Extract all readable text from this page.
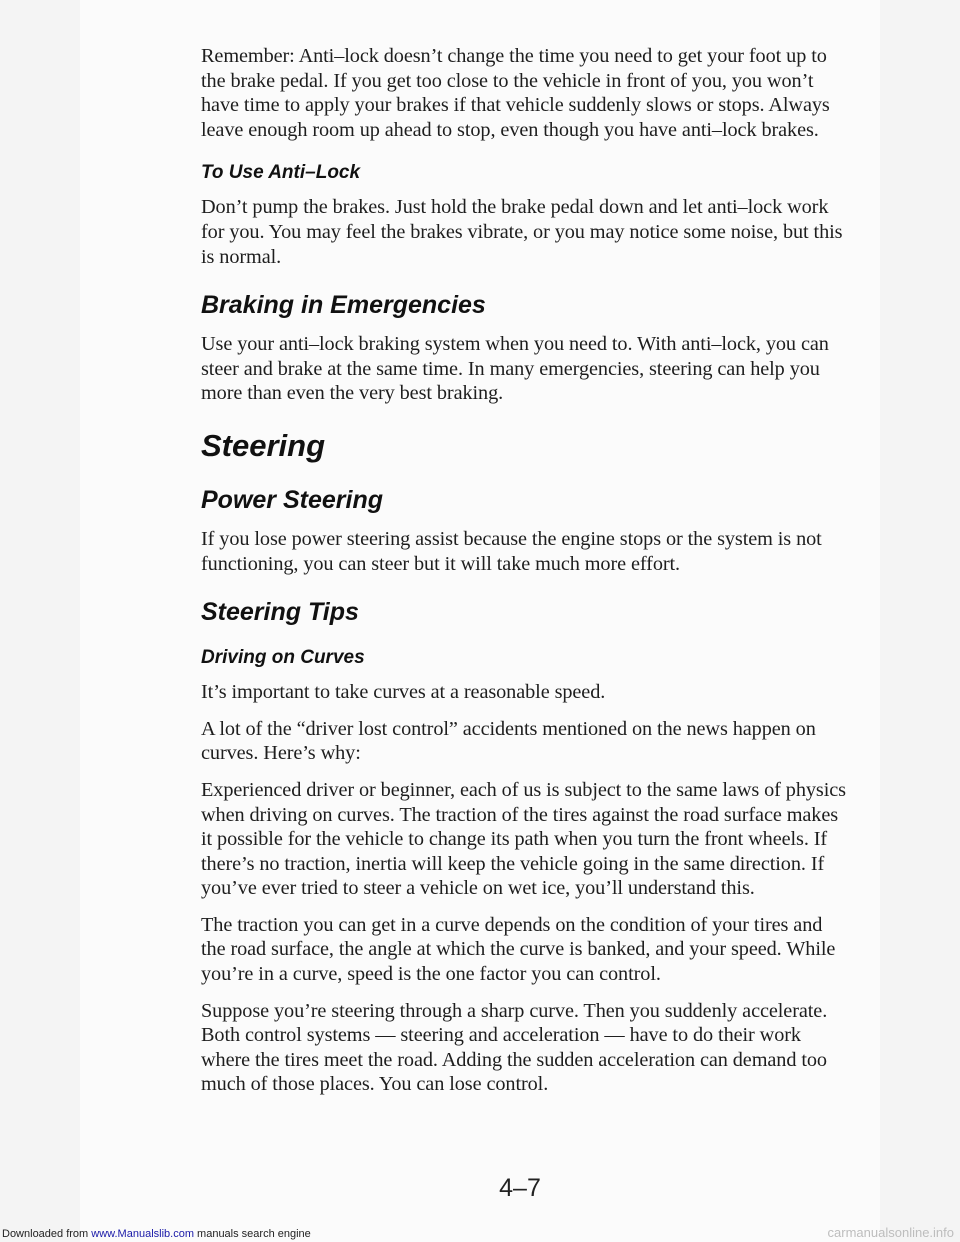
Remember: Anti–lock doesn’t change the time you need to get your foot up to the brake pedal. If you get too close to the vehicle in front of you, you won’t have time to apply your brakes if that vehicle suddenly slows or stops. Always leave enough room up ahead to stop, even though you have anti–lock brakes.

To Use Anti–Lock

Don’t pump the brakes. Just hold the brake pedal down and let anti–lock work for you. You may feel the brakes vibrate, or you may notice some noise, but this is normal.

Braking in Emergencies

Use your anti–lock braking system when you need to. With anti–lock, you can steer and brake at the same time. In many emergencies, steering can help you more than even the very best braking.

Steering
Power Steering

If you lose power steering assist because the engine stops or the system is not functioning, you can steer but it will take much more effort.

Steering Tips
Driving on Curves

It’s important to take curves at a reasonable speed.

A lot of the “driver lost control” accidents mentioned on the news happen on curves. Here’s why:

Experienced driver or beginner, each of us is subject to the same laws of physics when driving on curves. The traction of the tires against the road surface makes it possible for the vehicle to change its path when you turn the front wheels. If there’s no traction, inertia will keep the vehicle going in the same direction. If you’ve ever tried to steer a vehicle on wet ice, you’ll understand this.

The traction you can get in a curve depends on the condition of your tires and the road surface, the angle at which the curve is banked, and your speed. While you’re in a curve, speed is the one factor you can control.

Suppose you’re steering through a sharp curve. Then you suddenly accelerate. Both control systems — steering and acceleration — have to do their work where the tires meet the road. Adding the sudden acceleration can demand too much of those places. You can lose control.

4–7
Downloaded from www.Manualslib.com manuals search engine	carmanualsonline.info
